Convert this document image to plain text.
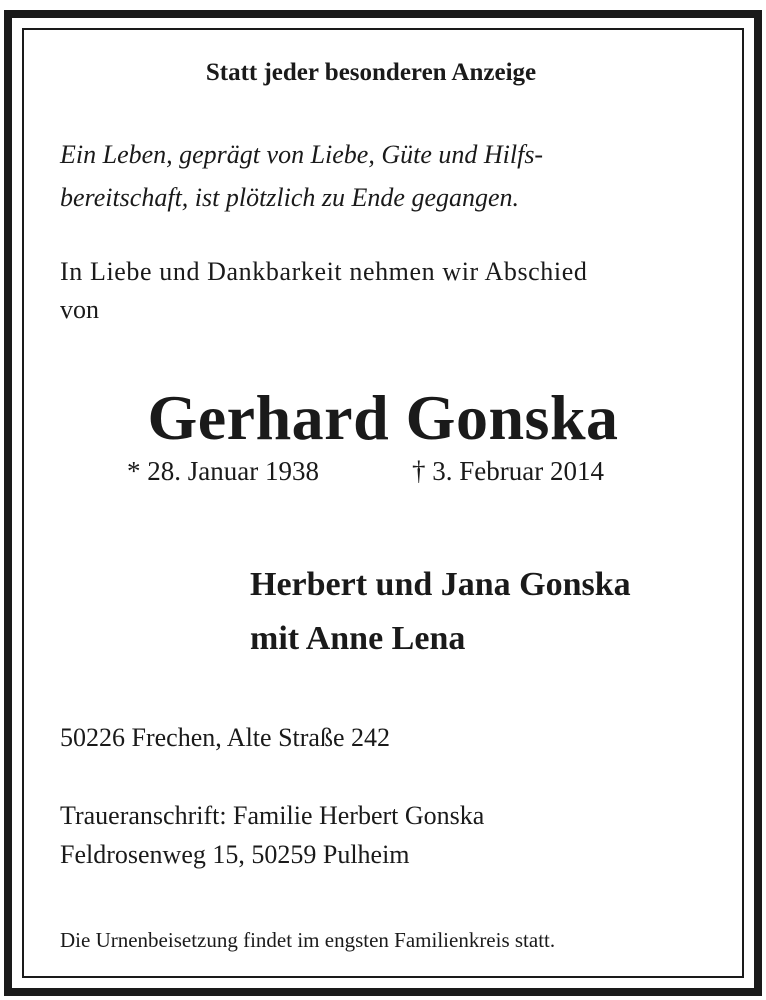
Statt jeder besonderen Anzeige

Ein Leben, geprägt von Liebe, Güte und Hilfs-

bereitschaft, ist plötzlich zu Ende gegangen.

In Liebe und Dankbarkeit nehmen wir Abschied

von

Gerhard Gonska

* 28. Januar 1938	† 3. Februar 2014

Herbert und Jana Gonska

mit Anne Lena

50226 Frechen, Alte Straße 242

Traueranschrift: Familie Herbert Gonska

Feldrosenweg 15, 50259 Pulheim

Die Urnenbeisetzung findet im engsten Familienkreis statt.
